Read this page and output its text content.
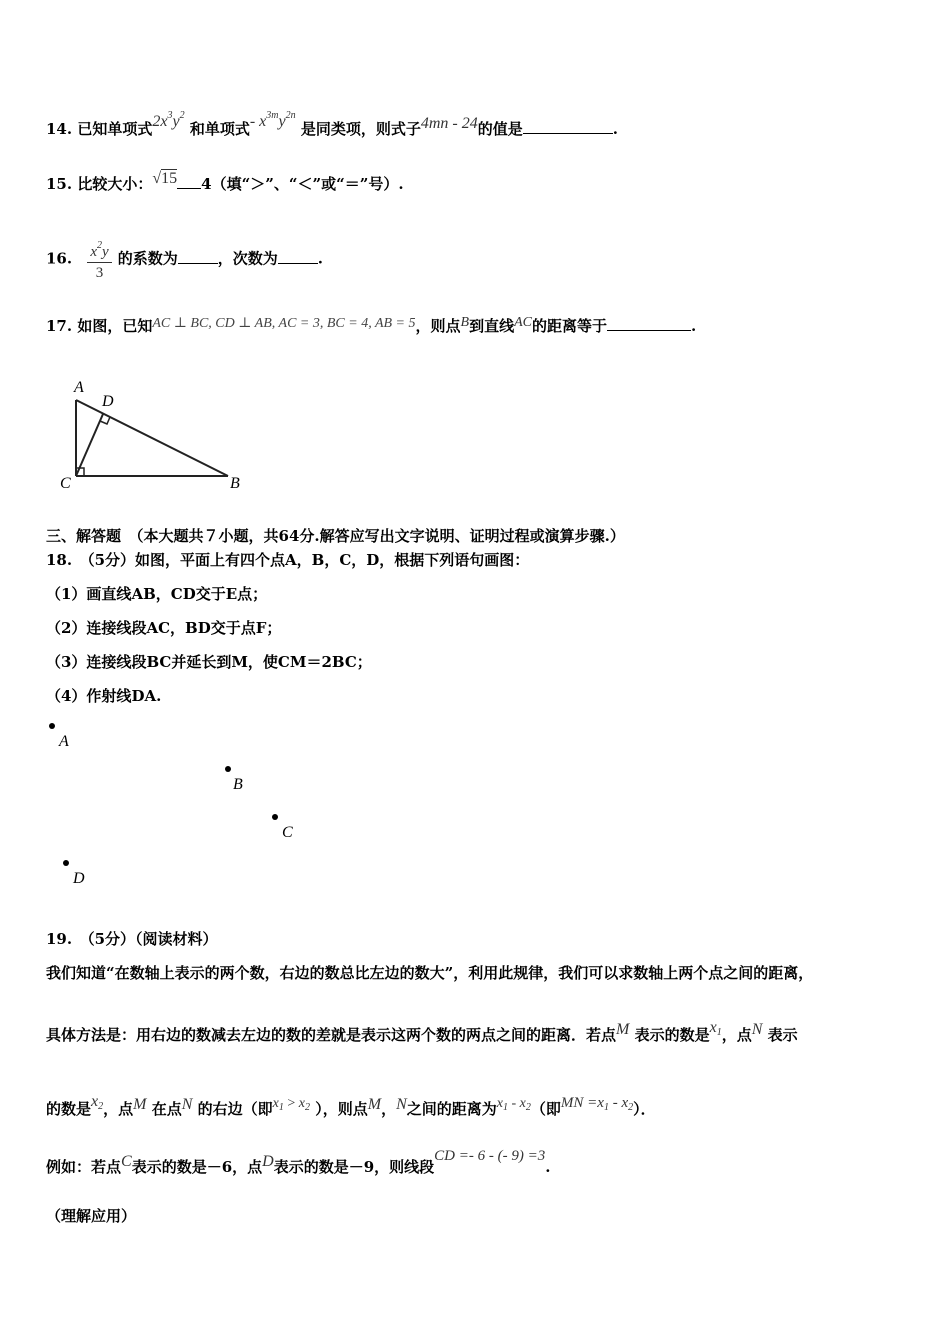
14. 已知单项式$2x^3y^2$ 和单项式- $x^{3m}y^{2n}$ 是同类项，则式子4mn - 24的值是	.
15. 比较大小：√15 4（填“＞”、“＜”或“＝”号）.
16. $\frac{x^2y}{3}$ 的系数为	，次数为	.
17. 如图，已知AC ⊥ BC, CD ⊥ AB, AC = 3, BC = 4, AB = 5，则点B到直线AC的距离等于	.
A
D
C	B
三、解答题　（本大题共７小题，共64分.解答应写出文字说明、证明过程或演算步骤.）
18.　（5分）如图，平面上有四个点A，B，C，D，根据下列语句画图：
（1）画直线AB，CD交于E点；
（2）连接线段AC，BD交于点F；
（3）连接线段BC并延长到M，使CM＝2BC；
（4）作射线DA.
A
B
C
D
19.　（5分）（阅读材料）
我们知道“在数轴上表示的两个数，右边的数总比左边的数大”，利用此规律，我们可以求数轴上两个点之间的距离，
具体方法是：用右边的数减去左边的数的差就是表示这两个数的两点之间的距离．若点M 表示的数是$x_1$，点N 表示
的数是$x_2$，点M 在点N 的右边（即$x_1 > x_2$ ），则点M，N之间的距离为$x_1 - x_2$（即MN $=x_1 - x_2$）．
例如：若点C表示的数是－6，点D表示的数是－9，则线段CD =- 6 - (- 9) =3.
（理解应用）
